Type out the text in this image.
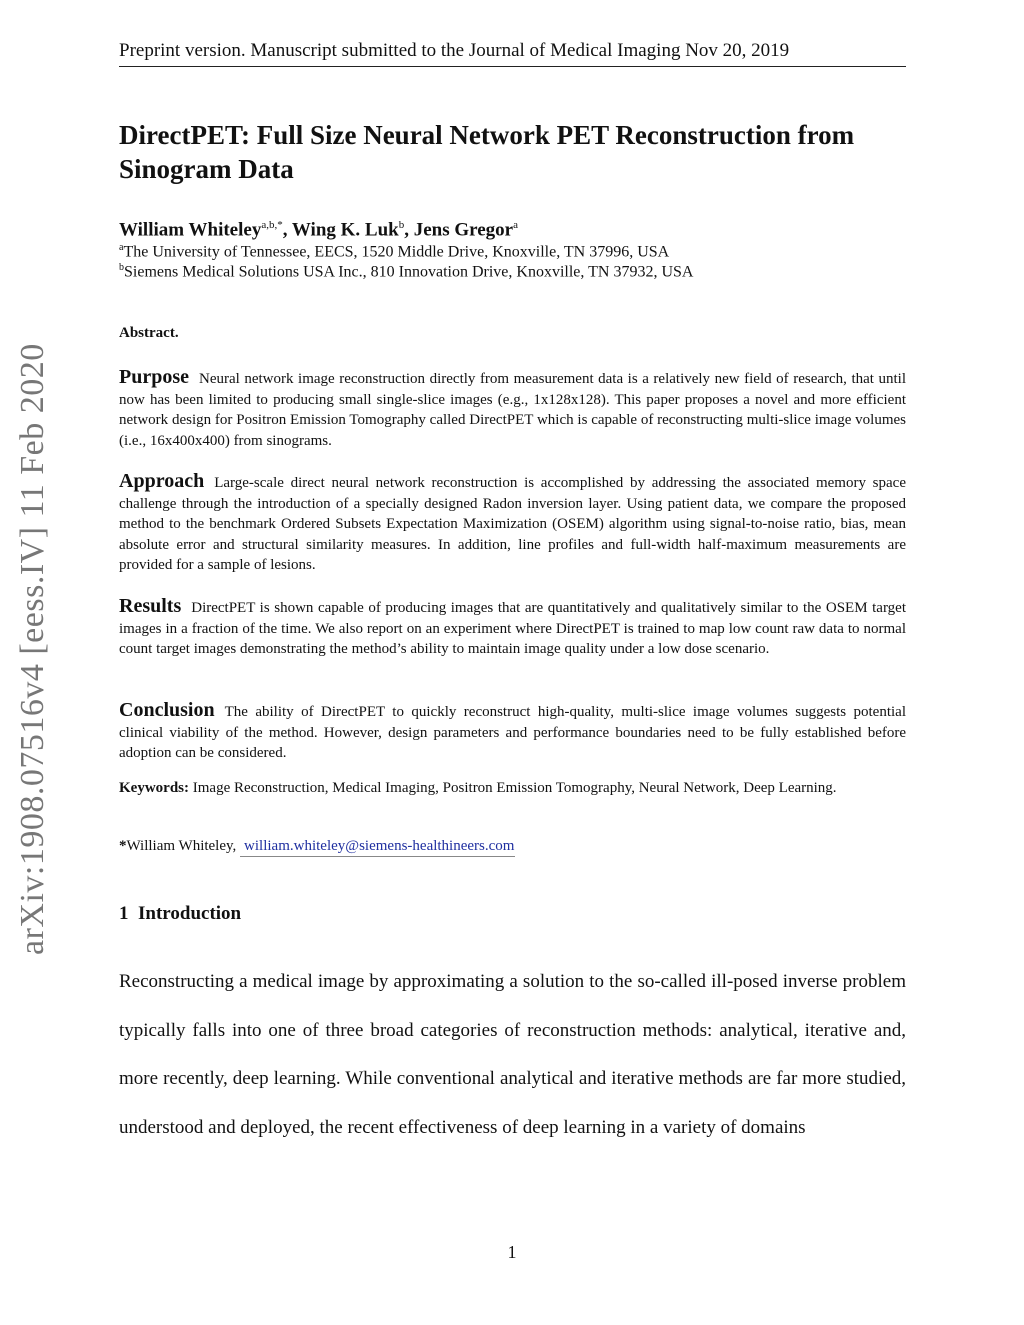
Preprint version. Manuscript submitted to the Journal of Medical Imaging Nov 20, 2019
arXiv:1908.07516v4 [eess.IV] 11 Feb 2020
DirectPET: Full Size Neural Network PET Reconstruction from Sinogram Data
William Whiteley$^{a,b,*}$, Wing K. Luk$^b$, Jens Gregor$^a$
$^a$The University of Tennessee, EECS, 1520 Middle Drive, Knoxville, TN 37996, USA
$^b$Siemens Medical Solutions USA Inc., 810 Innovation Drive, Knoxville, TN 37932, USA
Abstract.
Purpose Neural network image reconstruction directly from measurement data is a relatively new field of research, that until now has been limited to producing small single-slice images (e.g., 1x128x128). This paper proposes a novel and more efficient network design for Positron Emission Tomography called DirectPET which is capable of reconstructing multi-slice image volumes (i.e., 16x400x400) from sinograms.
Approach Large-scale direct neural network reconstruction is accomplished by addressing the associated memory space challenge through the introduction of a specially designed Radon inversion layer. Using patient data, we compare the proposed method to the benchmark Ordered Subsets Expectation Maximization (OSEM) algorithm using signal-to-noise ratio, bias, mean absolute error and structural similarity measures. In addition, line profiles and full-width half-maximum measurements are provided for a sample of lesions.
Results DirectPET is shown capable of producing images that are quantitatively and qualitatively similar to the OSEM target images in a fraction of the time. We also report on an experiment where DirectPET is trained to map low count raw data to normal count target images demonstrating the method’s ability to maintain image quality under a low dose scenario.
Conclusion The ability of DirectPET to quickly reconstruct high-quality, multi-slice image volumes suggests potential clinical viability of the method. However, design parameters and performance boundaries need to be fully established before adoption can be considered.
Keywords: Image Reconstruction, Medical Imaging, Positron Emission Tomography, Neural Network, Deep Learning.
*William Whiteley, william.whiteley@siemens-healthineers.com
1 Introduction
Reconstructing a medical image by approximating a solution to the so-called ill-posed inverse problem typically falls into one of three broad categories of reconstruction methods: analytical, iterative and, more recently, deep learning. While conventional analytical and iterative methods are far more studied, understood and deployed, the recent effectiveness of deep learning in a variety of domains
1
